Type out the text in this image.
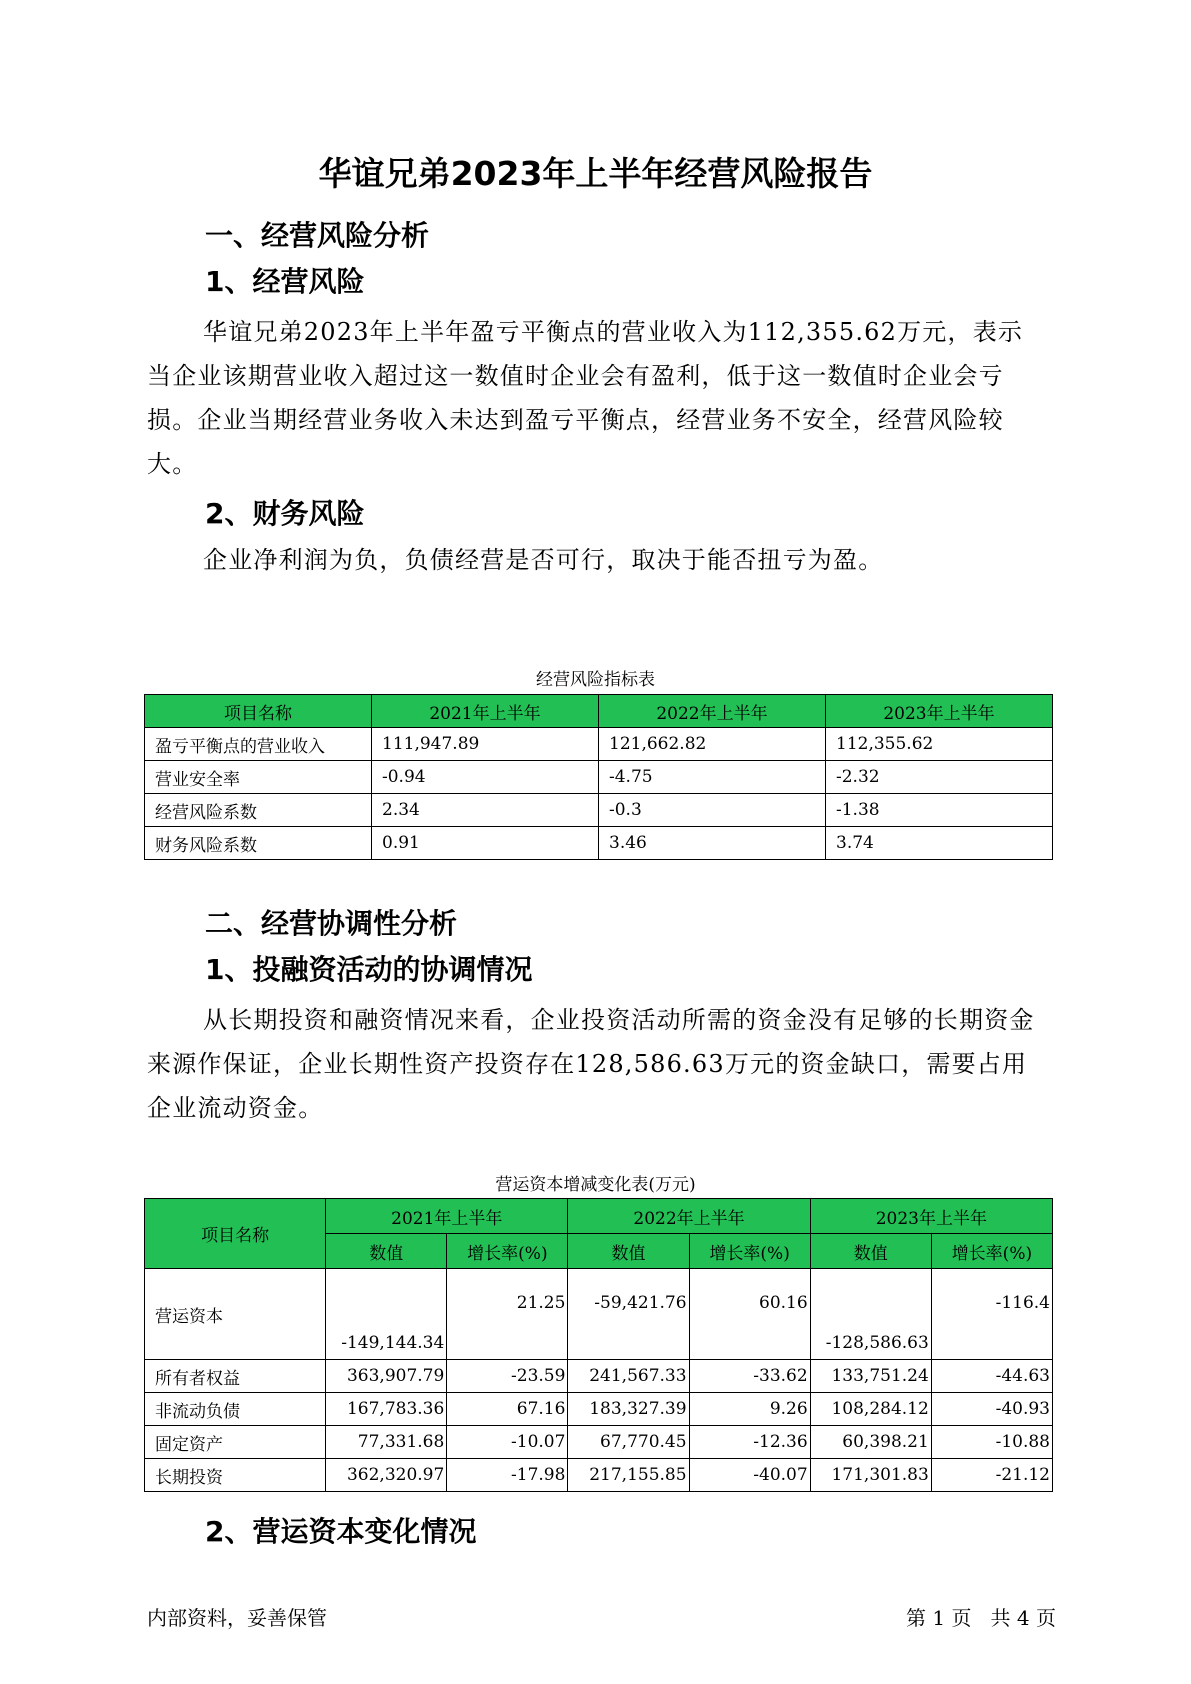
华谊兄弟2023年上半年经营风险报告
一、经营风险分析
1、经营风险

华谊兄弟2023年上半年盈亏平衡点的营业收入为112,355.62万元，表示当企业该期营业收入超过这一数值时企业会有盈利，低于这一数值时企业会亏损。企业当期经营业务收入未达到盈亏平衡点，经营业务不安全，经营风险较大。

2、财务风险

企业净利润为负，负债经营是否可行，取决于能否扭亏为盈。

经营风险指标表
项目名称	2021年上半年	2022年上半年	2023年上半年
盈亏平衡点的营业收入	111,947.89	121,662.82	112,355.62
营业安全率	-0.94	-4.75	-2.32
经营风险系数	2.34	-0.3	-1.38
财务风险系数	0.91	3.46	3.74
二、经营协调性分析
1、投融资活动的协调情况

从长期投资和融资情况来看，企业投资活动所需的资金没有足够的长期资金来源作保证，企业长期性资产投资存在128,586.63万元的资金缺口，需要占用企业流动资金。

营运资本增减变化表(万元)
项目名称	2021年上半年		2022年上半年		2023年上半年	
	数值	增长率(%)	数值	增长率(%)	数值	增长率(%)
营运资本	-149,144.34	21.25	-59,421.76	60.16	-128,586.63	-116.4
所有者权益	363,907.79	-23.59	241,567.33	-33.62	133,751.24	-44.63
非流动负债	167,783.36	67.16	183,327.39	9.26	108,284.12	-40.93
固定资产	77,331.68	-10.07	67,770.45	-12.36	60,398.21	-10.88
长期投资	362,320.97	-17.98	217,155.85	-40.07	171,301.83	-21.12
2、营运资本变化情况
内部资料，妥善保管	第 1 页   共 4 页
